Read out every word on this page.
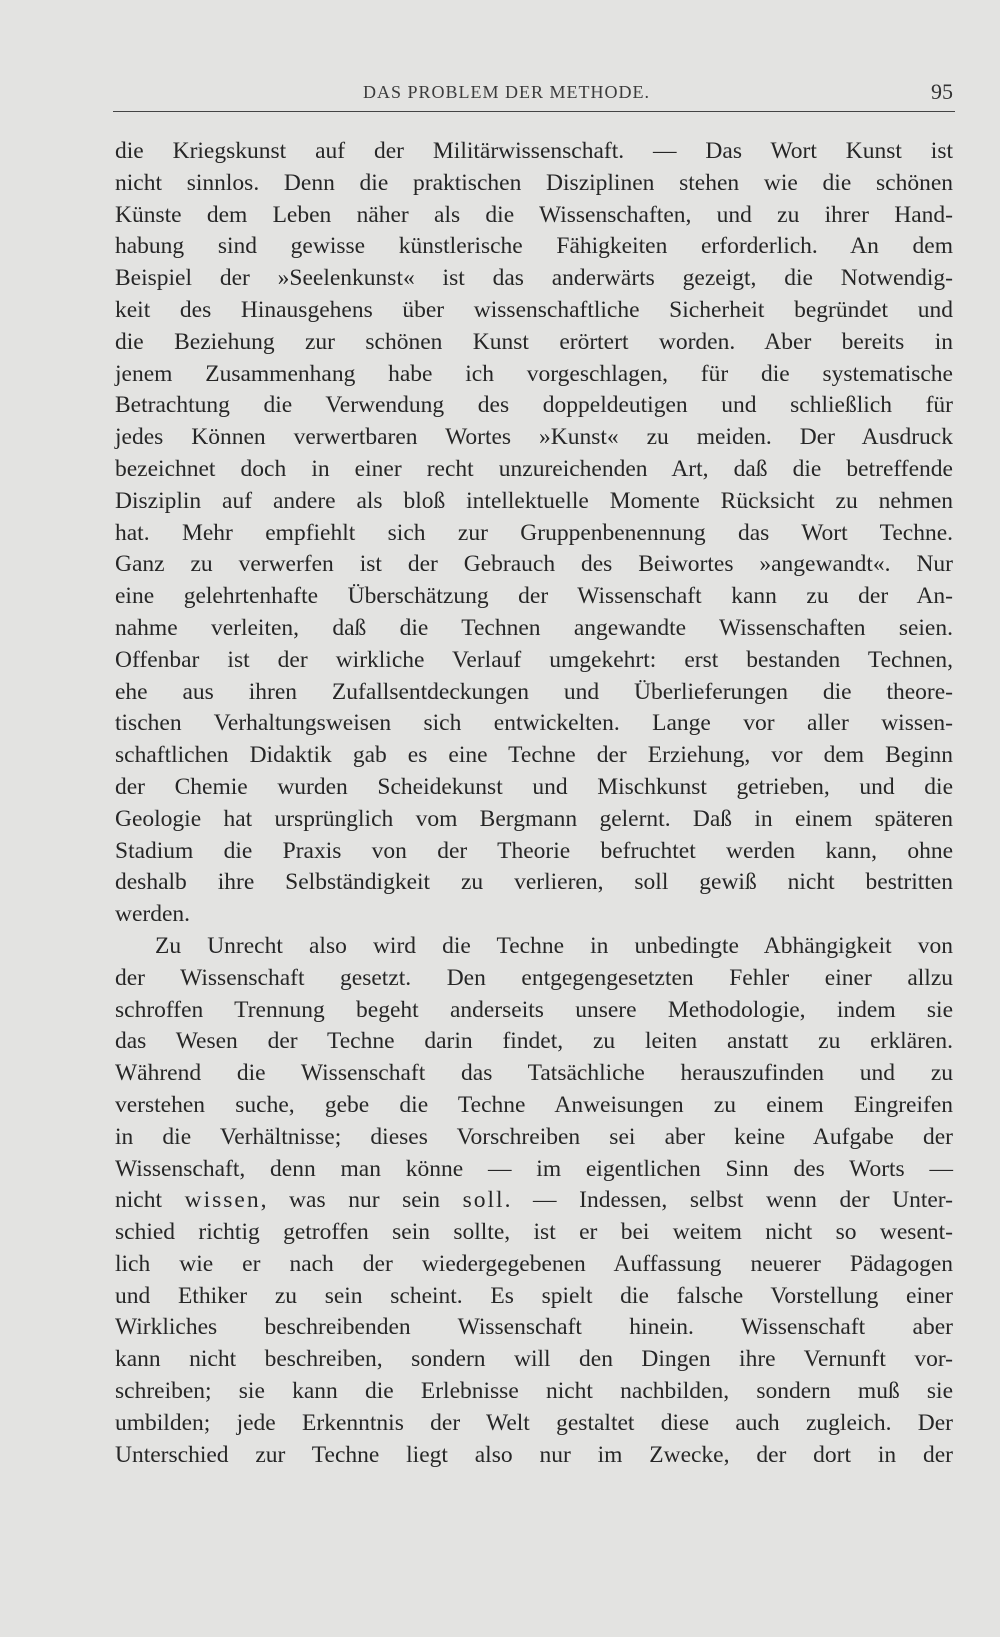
DAS PROBLEM DER METHODE.	95
die Kriegskunst auf der Militärwissenschaft. — Das Wort Kunst ist
nicht sinnlos. Denn die praktischen Disziplinen stehen wie die schönen
Künste dem Leben näher als die Wissenschaften, und zu ihrer Hand-
habung sind gewisse künstlerische Fähigkeiten erforderlich. An dem
Beispiel der »Seelenkunst« ist das anderwärts gezeigt, die Notwendig-
keit des Hinausgehens über wissenschaftliche Sicherheit begründet und
die Beziehung zur schönen Kunst erörtert worden. Aber bereits in
jenem Zusammenhang habe ich vorgeschlagen, für die systematische
Betrachtung die Verwendung des doppeldeutigen und schließlich für
jedes Können verwertbaren Wortes »Kunst« zu meiden. Der Ausdruck
bezeichnet doch in einer recht unzureichenden Art, daß die betreffende
Disziplin auf andere als bloß intellektuelle Momente Rücksicht zu nehmen
hat. Mehr empfiehlt sich zur Gruppenbenennung das Wort Techne.
Ganz zu verwerfen ist der Gebrauch des Beiwortes »angewandt«. Nur
eine gelehrtenhafte Überschätzung der Wissenschaft kann zu der An-
nahme verleiten, daß die Technen angewandte Wissenschaften seien.
Offenbar ist der wirkliche Verlauf umgekehrt: erst bestanden Technen,
ehe aus ihren Zufallsentdeckungen und Überlieferungen die theore-
tischen Verhaltungsweisen sich entwickelten. Lange vor aller wissen-
schaftlichen Didaktik gab es eine Techne der Erziehung, vor dem Beginn
der Chemie wurden Scheidekunst und Mischkunst getrieben, und die
Geologie hat ursprünglich vom Bergmann gelernt. Daß in einem späteren
Stadium die Praxis von der Theorie befruchtet werden kann, ohne
deshalb ihre Selbständigkeit zu verlieren, soll gewiß nicht bestritten
werden.
Zu Unrecht also wird die Techne in unbedingte Abhängigkeit von
der Wissenschaft gesetzt. Den entgegengesetzten Fehler einer allzu
schroffen Trennung begeht anderseits unsere Methodologie, indem sie
das Wesen der Techne darin findet, zu leiten anstatt zu erklären.
Während die Wissenschaft das Tatsächliche herauszufinden und zu
verstehen suche, gebe die Techne Anweisungen zu einem Eingreifen
in die Verhältnisse; dieses Vorschreiben sei aber keine Aufgabe der
Wissenschaft, denn man könne — im eigentlichen Sinn des Worts —
nicht wissen, was nur sein soll. — Indessen, selbst wenn der Unter-
schied richtig getroffen sein sollte, ist er bei weitem nicht so wesent-
lich wie er nach der wiedergegebenen Auffassung neuerer Pädagogen
und Ethiker zu sein scheint. Es spielt die falsche Vorstellung einer
Wirkliches beschreibenden Wissenschaft hinein. Wissenschaft aber
kann nicht beschreiben, sondern will den Dingen ihre Vernunft vor-
schreiben; sie kann die Erlebnisse nicht nachbilden, sondern muß sie
umbilden; jede Erkenntnis der Welt gestaltet diese auch zugleich. Der
Unterschied zur Techne liegt also nur im Zwecke, der dort in der
